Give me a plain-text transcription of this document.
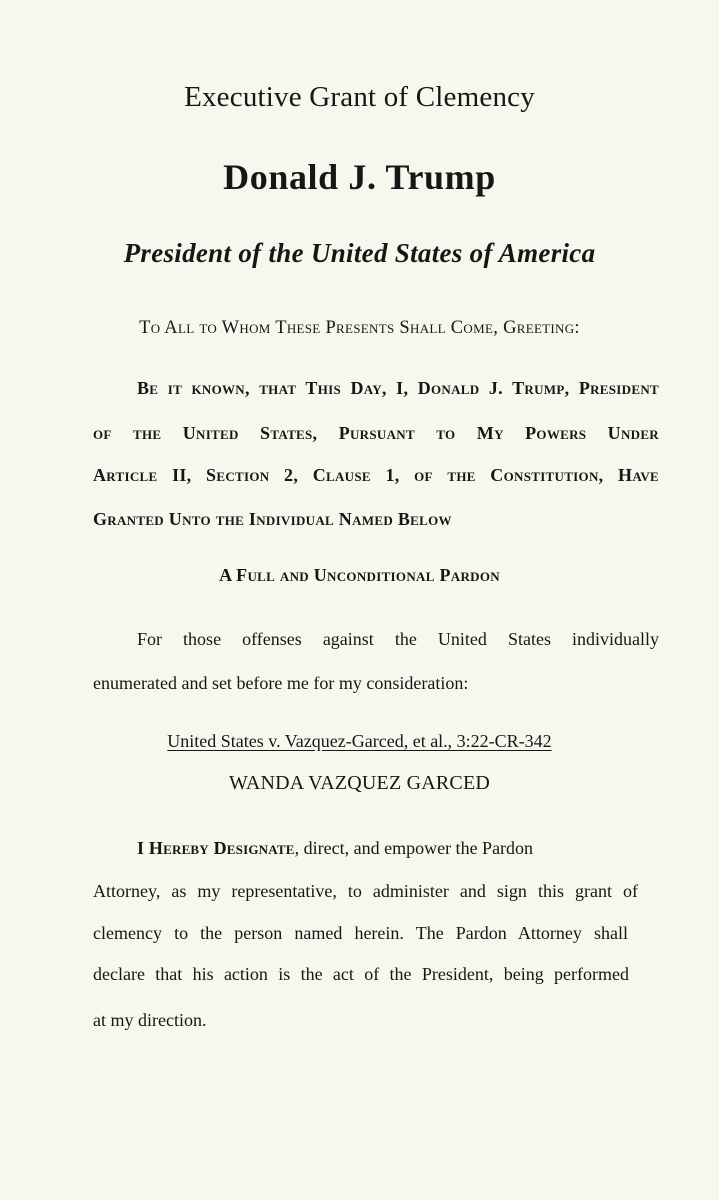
Executive Grant of Clemency

Donald J. Trump

President of the United States of America

To All to Whom These Presents Shall Come, Greeting:

Be it known, that This Day, I, Donald J. Trump, President

of the United States, Pursuant to My Powers Under

Article II, Section 2, Clause 1, of the Constitution, Have

Granted Unto the Individual Named Below

A Full and Unconditional Pardon

For those offenses against the United States individually

enumerated and set before me for my consideration:

United States v. Vazquez-Garced, et al., 3:22-CR-342

WANDA VAZQUEZ GARCED

I Hereby Designate, direct, and empower the Pardon

Attorney, as my representative, to administer and sign this grant of

clemency to the person named herein. The Pardon Attorney shall

declare that his action is the act of the President, being performed

at my direction.
